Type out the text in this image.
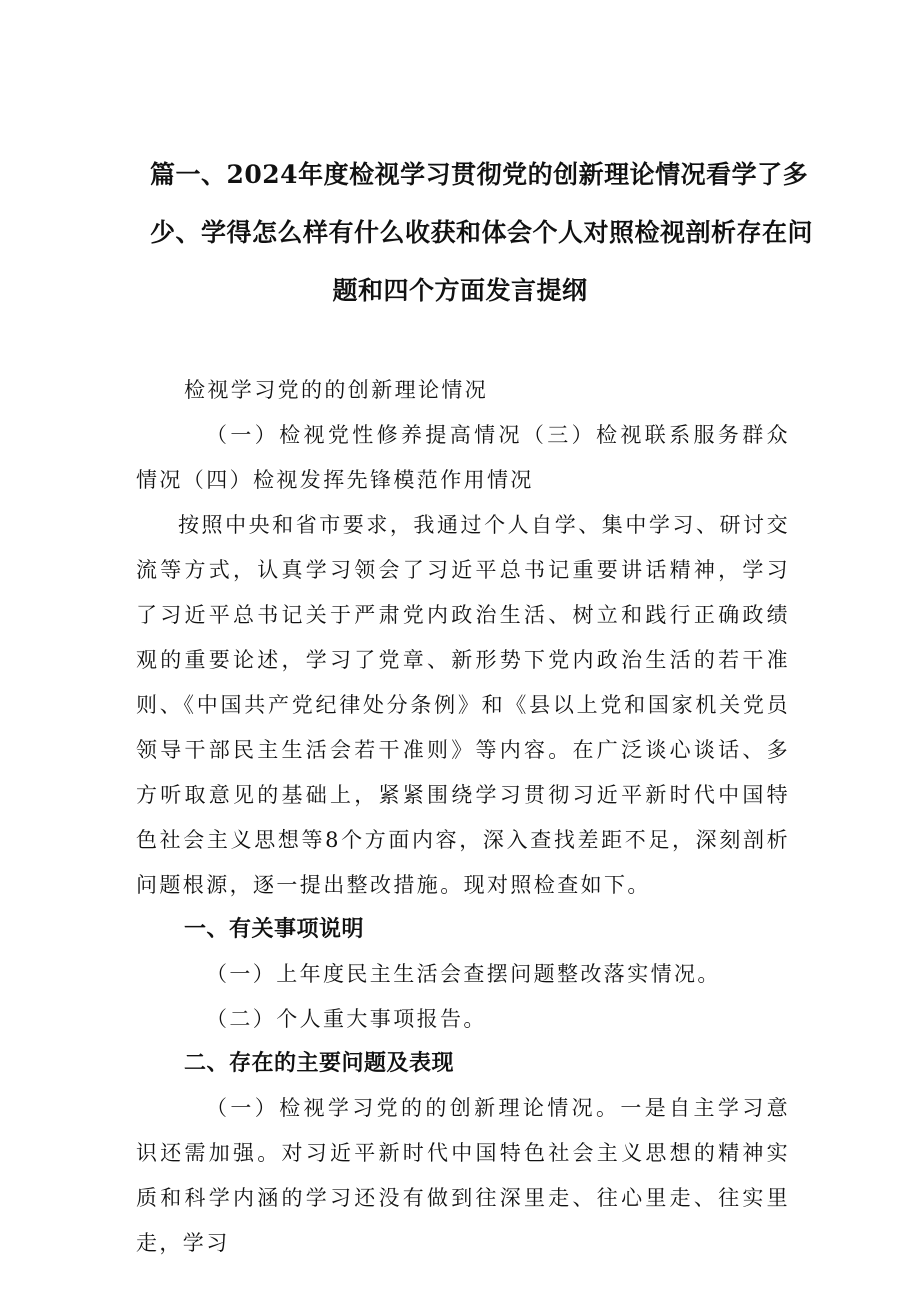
篇一、2024年度检视学习贯彻党的创新理论情况看学了多
少、学得怎么样有什么收获和体会个人对照检视剖析存在问
题和四个方面发言提纲

检视学习党的的创新理论情况

（一）检视党性修养提高情况（三）检视联系服务群众情况（四）检视发挥先锋模范作用情况

按照中央和省市要求，我通过个人自学、集中学习、研讨交流等方式，认真学习领会了习近平总书记重要讲话精神，学习了习近平总书记关于严肃党内政治生活、树立和践行正确政绩观的重要论述，学习了党章、新形势下党内政治生活的若干准则、《中国共产党纪律处分条例》和《县以上党和国家机关党员领导干部民主生活会若干准则》等内容。在广泛谈心谈话、多方听取意见的基础上，紧紧围绕学习贯彻习近平新时代中国特色社会主义思想等8个方面内容，深入查找差距不足，深刻剖析问题根源，逐一提出整改措施。现对照检查如下。

一、有关事项说明

（一）上年度民主生活会查摆问题整改落实情况。

（二）个人重大事项报告。

二、存在的主要问题及表现

（一）检视学习党的的创新理论情况。一是自主学习意识还需加强。对习近平新时代中国特色社会主义思想的精神实质和科学内涵的学习还没有做到往深里走、往心里走、往实里走，学习
